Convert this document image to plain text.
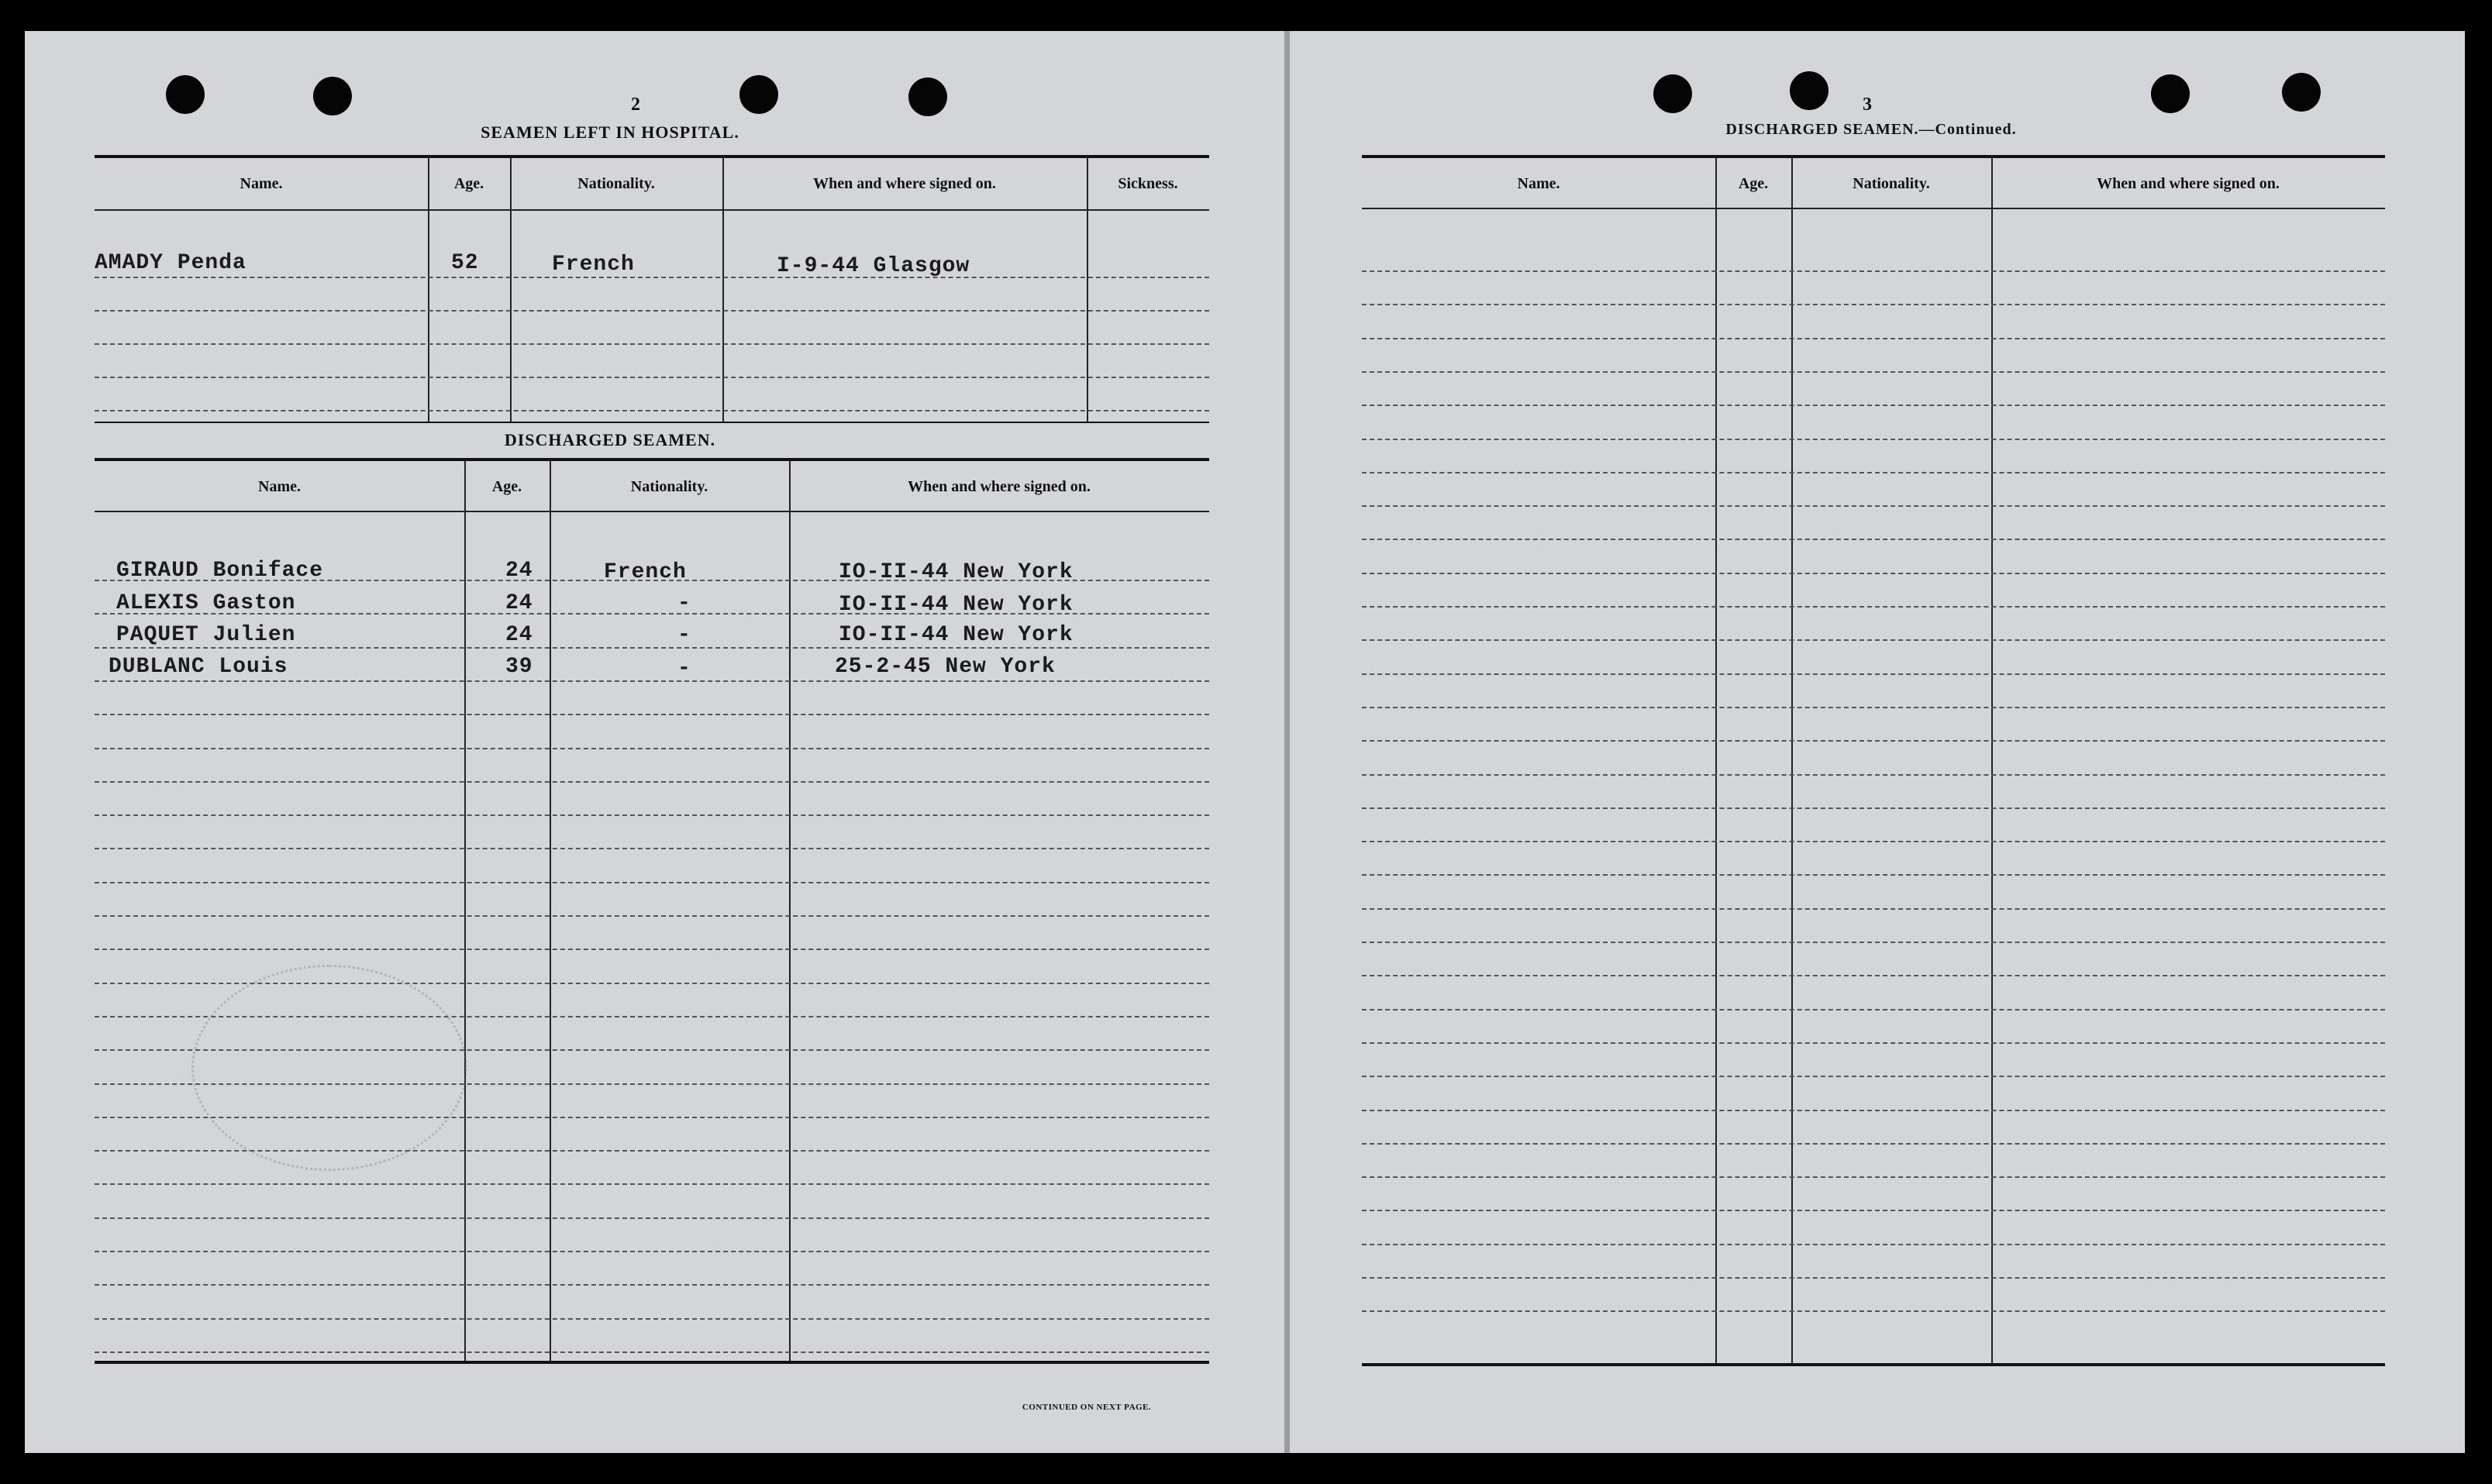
2
SEAMEN LEFT IN HOSPITAL.
Name.	Age.	Nationality.	When and where signed on.	Sickness.
AMADY Penda	52	French	I-9-44 Glasgow
DISCHARGED SEAMEN.
Name.	Age.	Nationality.	When and where signed on.
GIRAUD Boniface	24	French	IO-II-44 New York
ALEXIS Gaston	24	-	IO-II-44 New York
PAQUET Julien	24	-	IO-II-44 New York
DUBLANC Louis	39	-	25-2-45 New York
CONTINUED ON NEXT PAGE.
3
DISCHARGED SEAMEN.—Continued.
Name.	Age.	Nationality.	When and where signed on.
